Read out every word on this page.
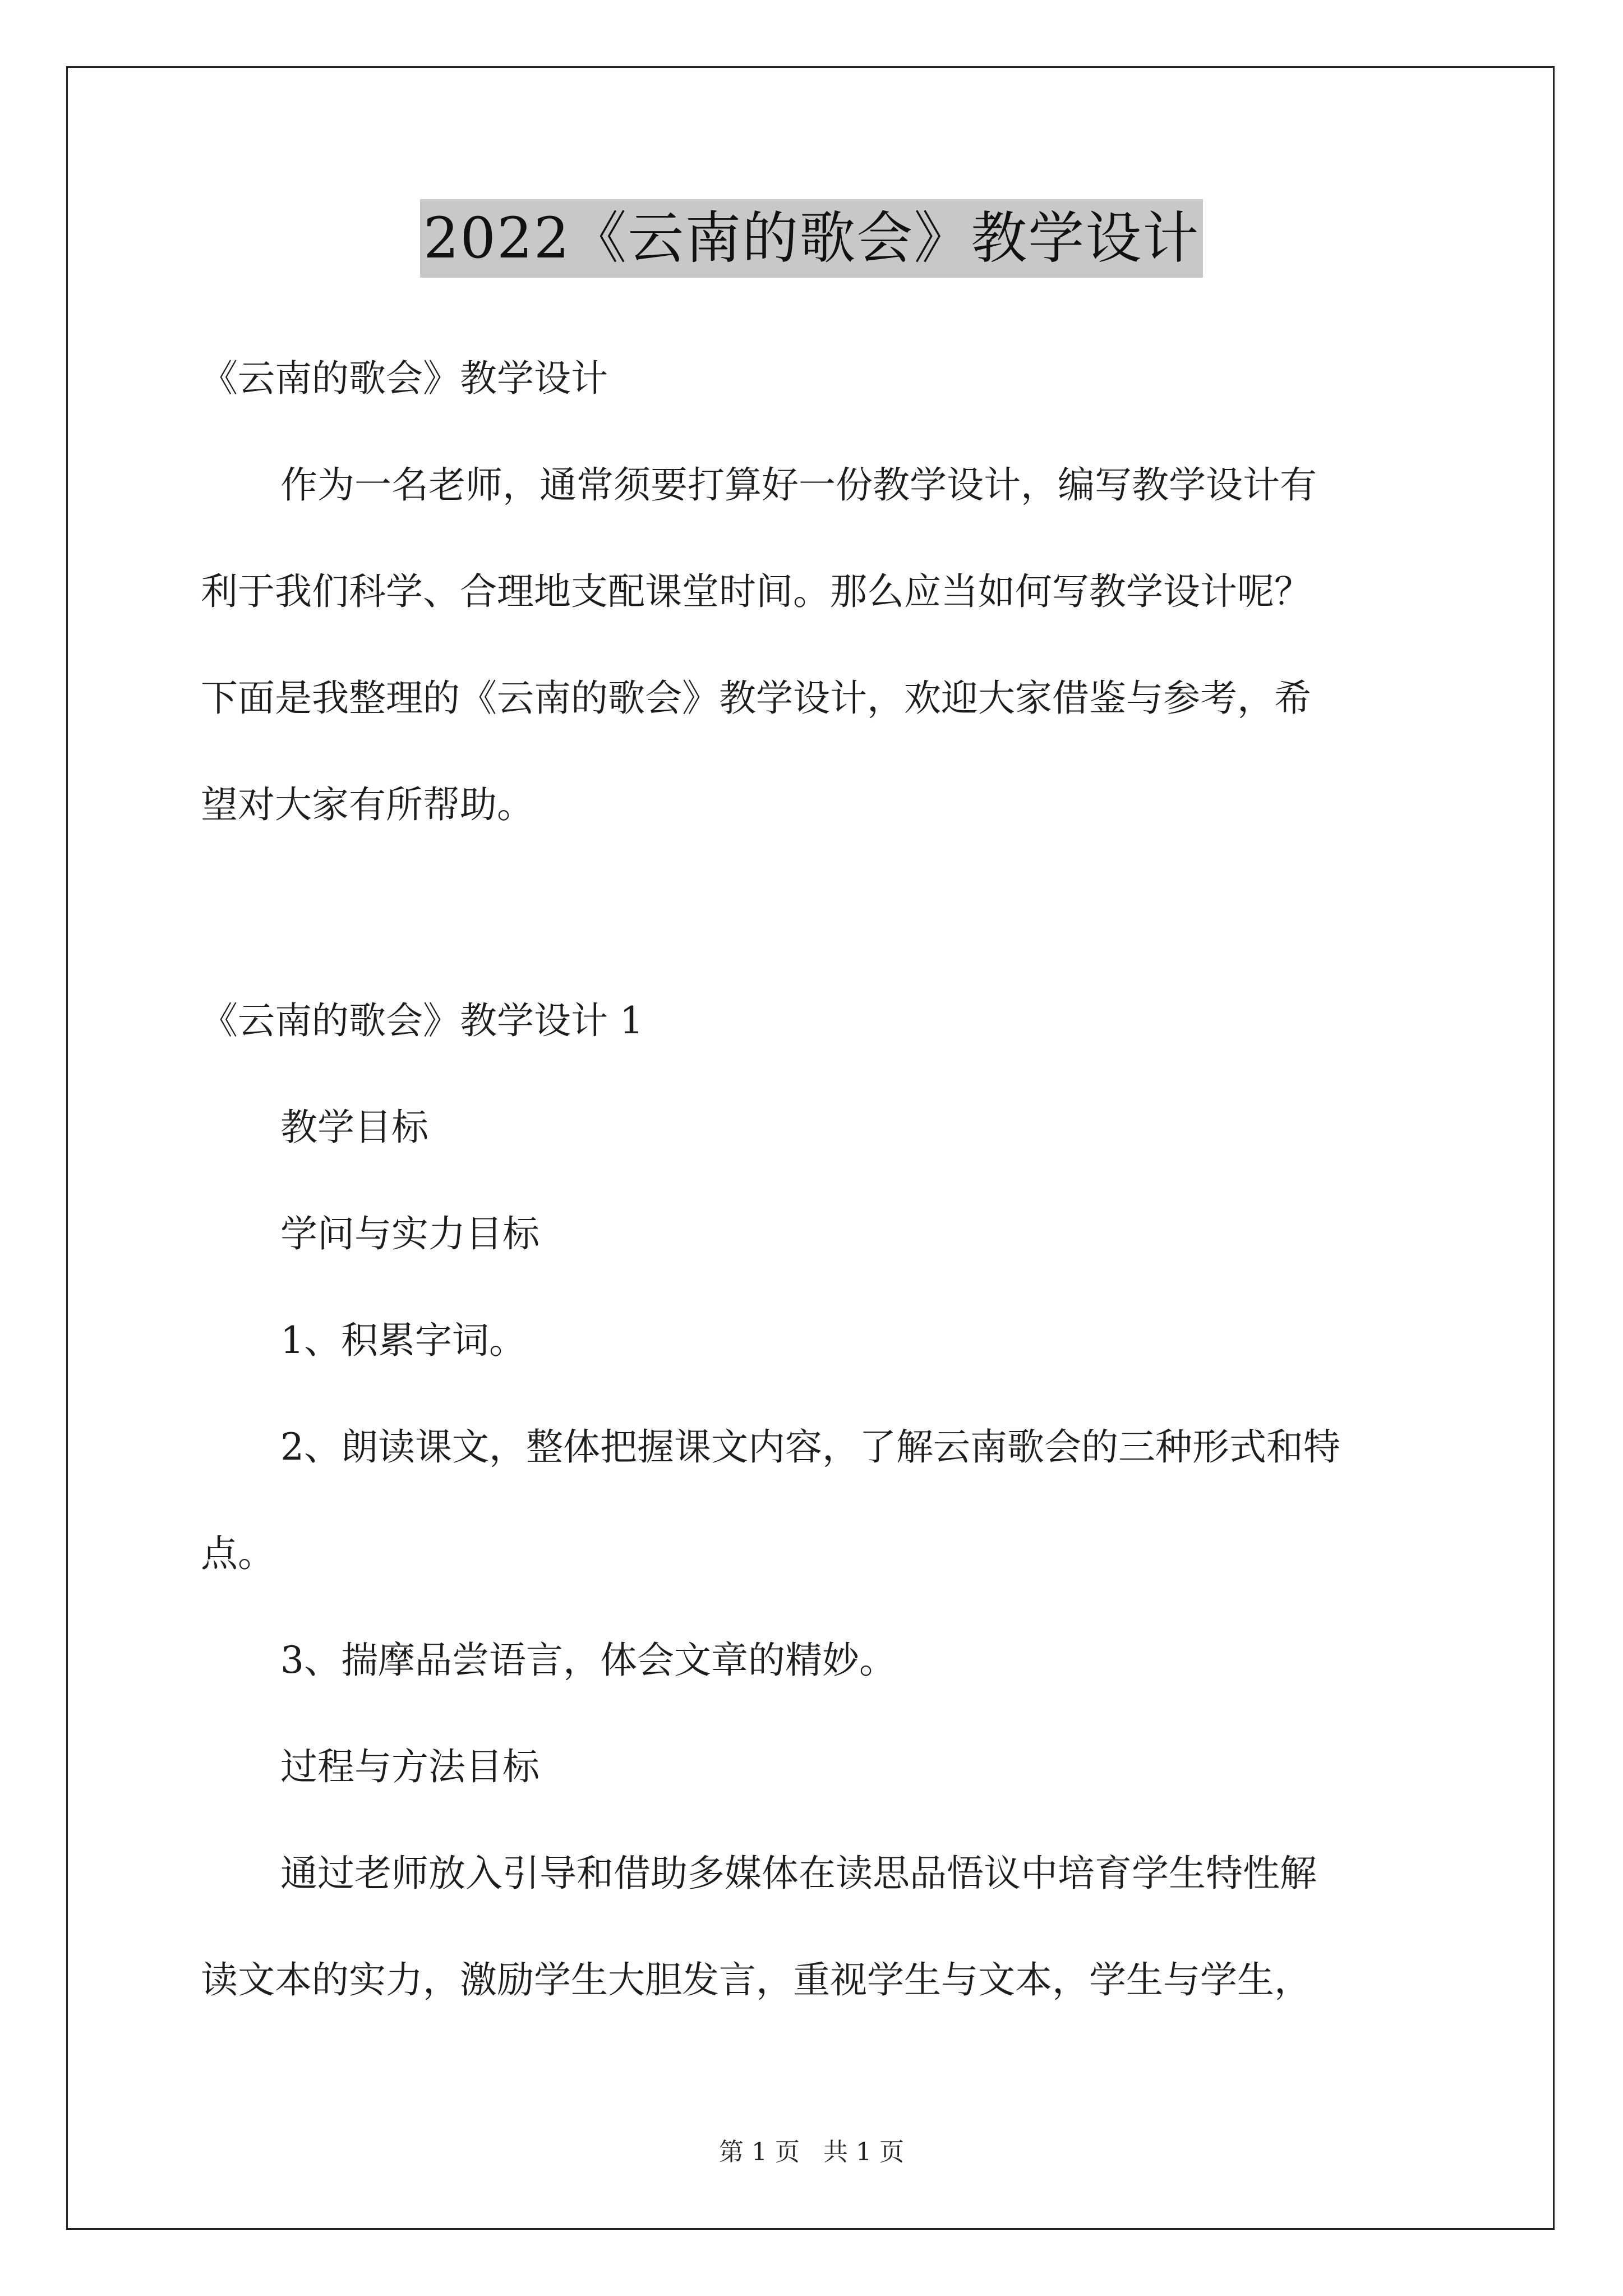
2022《云南的歌会》教学设计
《云南的歌会》教学设计
作为一名老师，通常须要打算好一份教学设计，编写教学设计有
利于我们科学、合理地支配课堂时间。那么应当如何写教学设计呢？
下面是我整理的《云南的歌会》教学设计，欢迎大家借鉴与参考，希
望对大家有所帮助。
《云南的歌会》教学设计 1
教学目标
学问与实力目标
1、积累字词。
2、朗读课文，整体把握课文内容，了解云南歌会的三种形式和特
点。
3、揣摩品尝语言，体会文章的精妙。
过程与方法目标
通过老师放入引导和借助多媒体在读思品悟议中培育学生特性解
读文本的实力，激励学生大胆发言，重视学生与文本，学生与学生，
第 1 页 共 1 页
